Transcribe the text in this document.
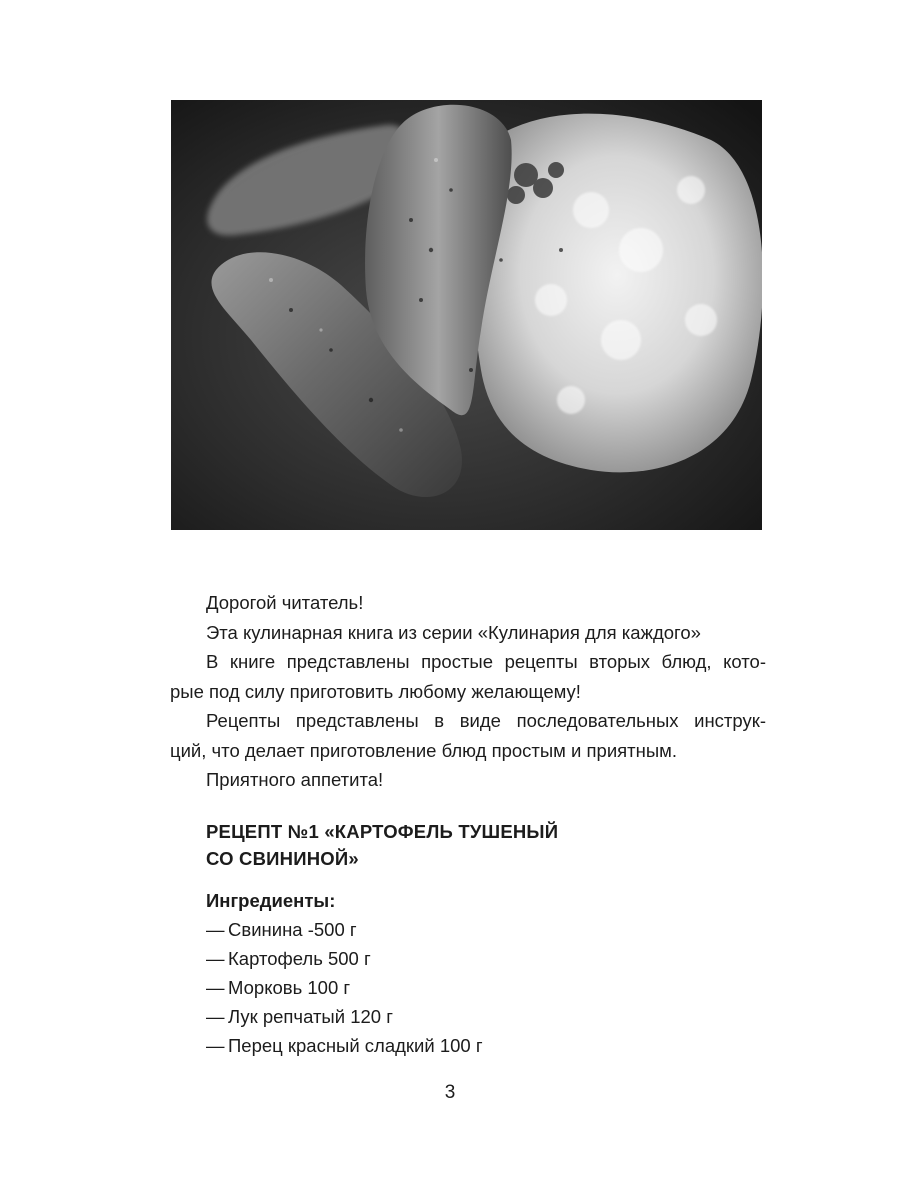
Дорогой читатель!
Эта кулинарная книга из серии «Кулинария для каждого»
В книге представлены простые рецепты вторых блюд, кото-
рые под силу приготовить любому желающему!
Рецепты представлены в виде последовательных инструк-
ций, что делает приготовление блюд простым и приятным.
Приятного аппетита!
РЕЦЕПТ №1 «КАРТОФЕЛЬ ТУШЕНЫЙ
СО СВИНИНОЙ»
Ингредиенты:
— Свинина -500 г
— Картофель 500 г
— Морковь 100 г
— Лук репчатый 120 г
— Перец красный сладкий 100 г
3
